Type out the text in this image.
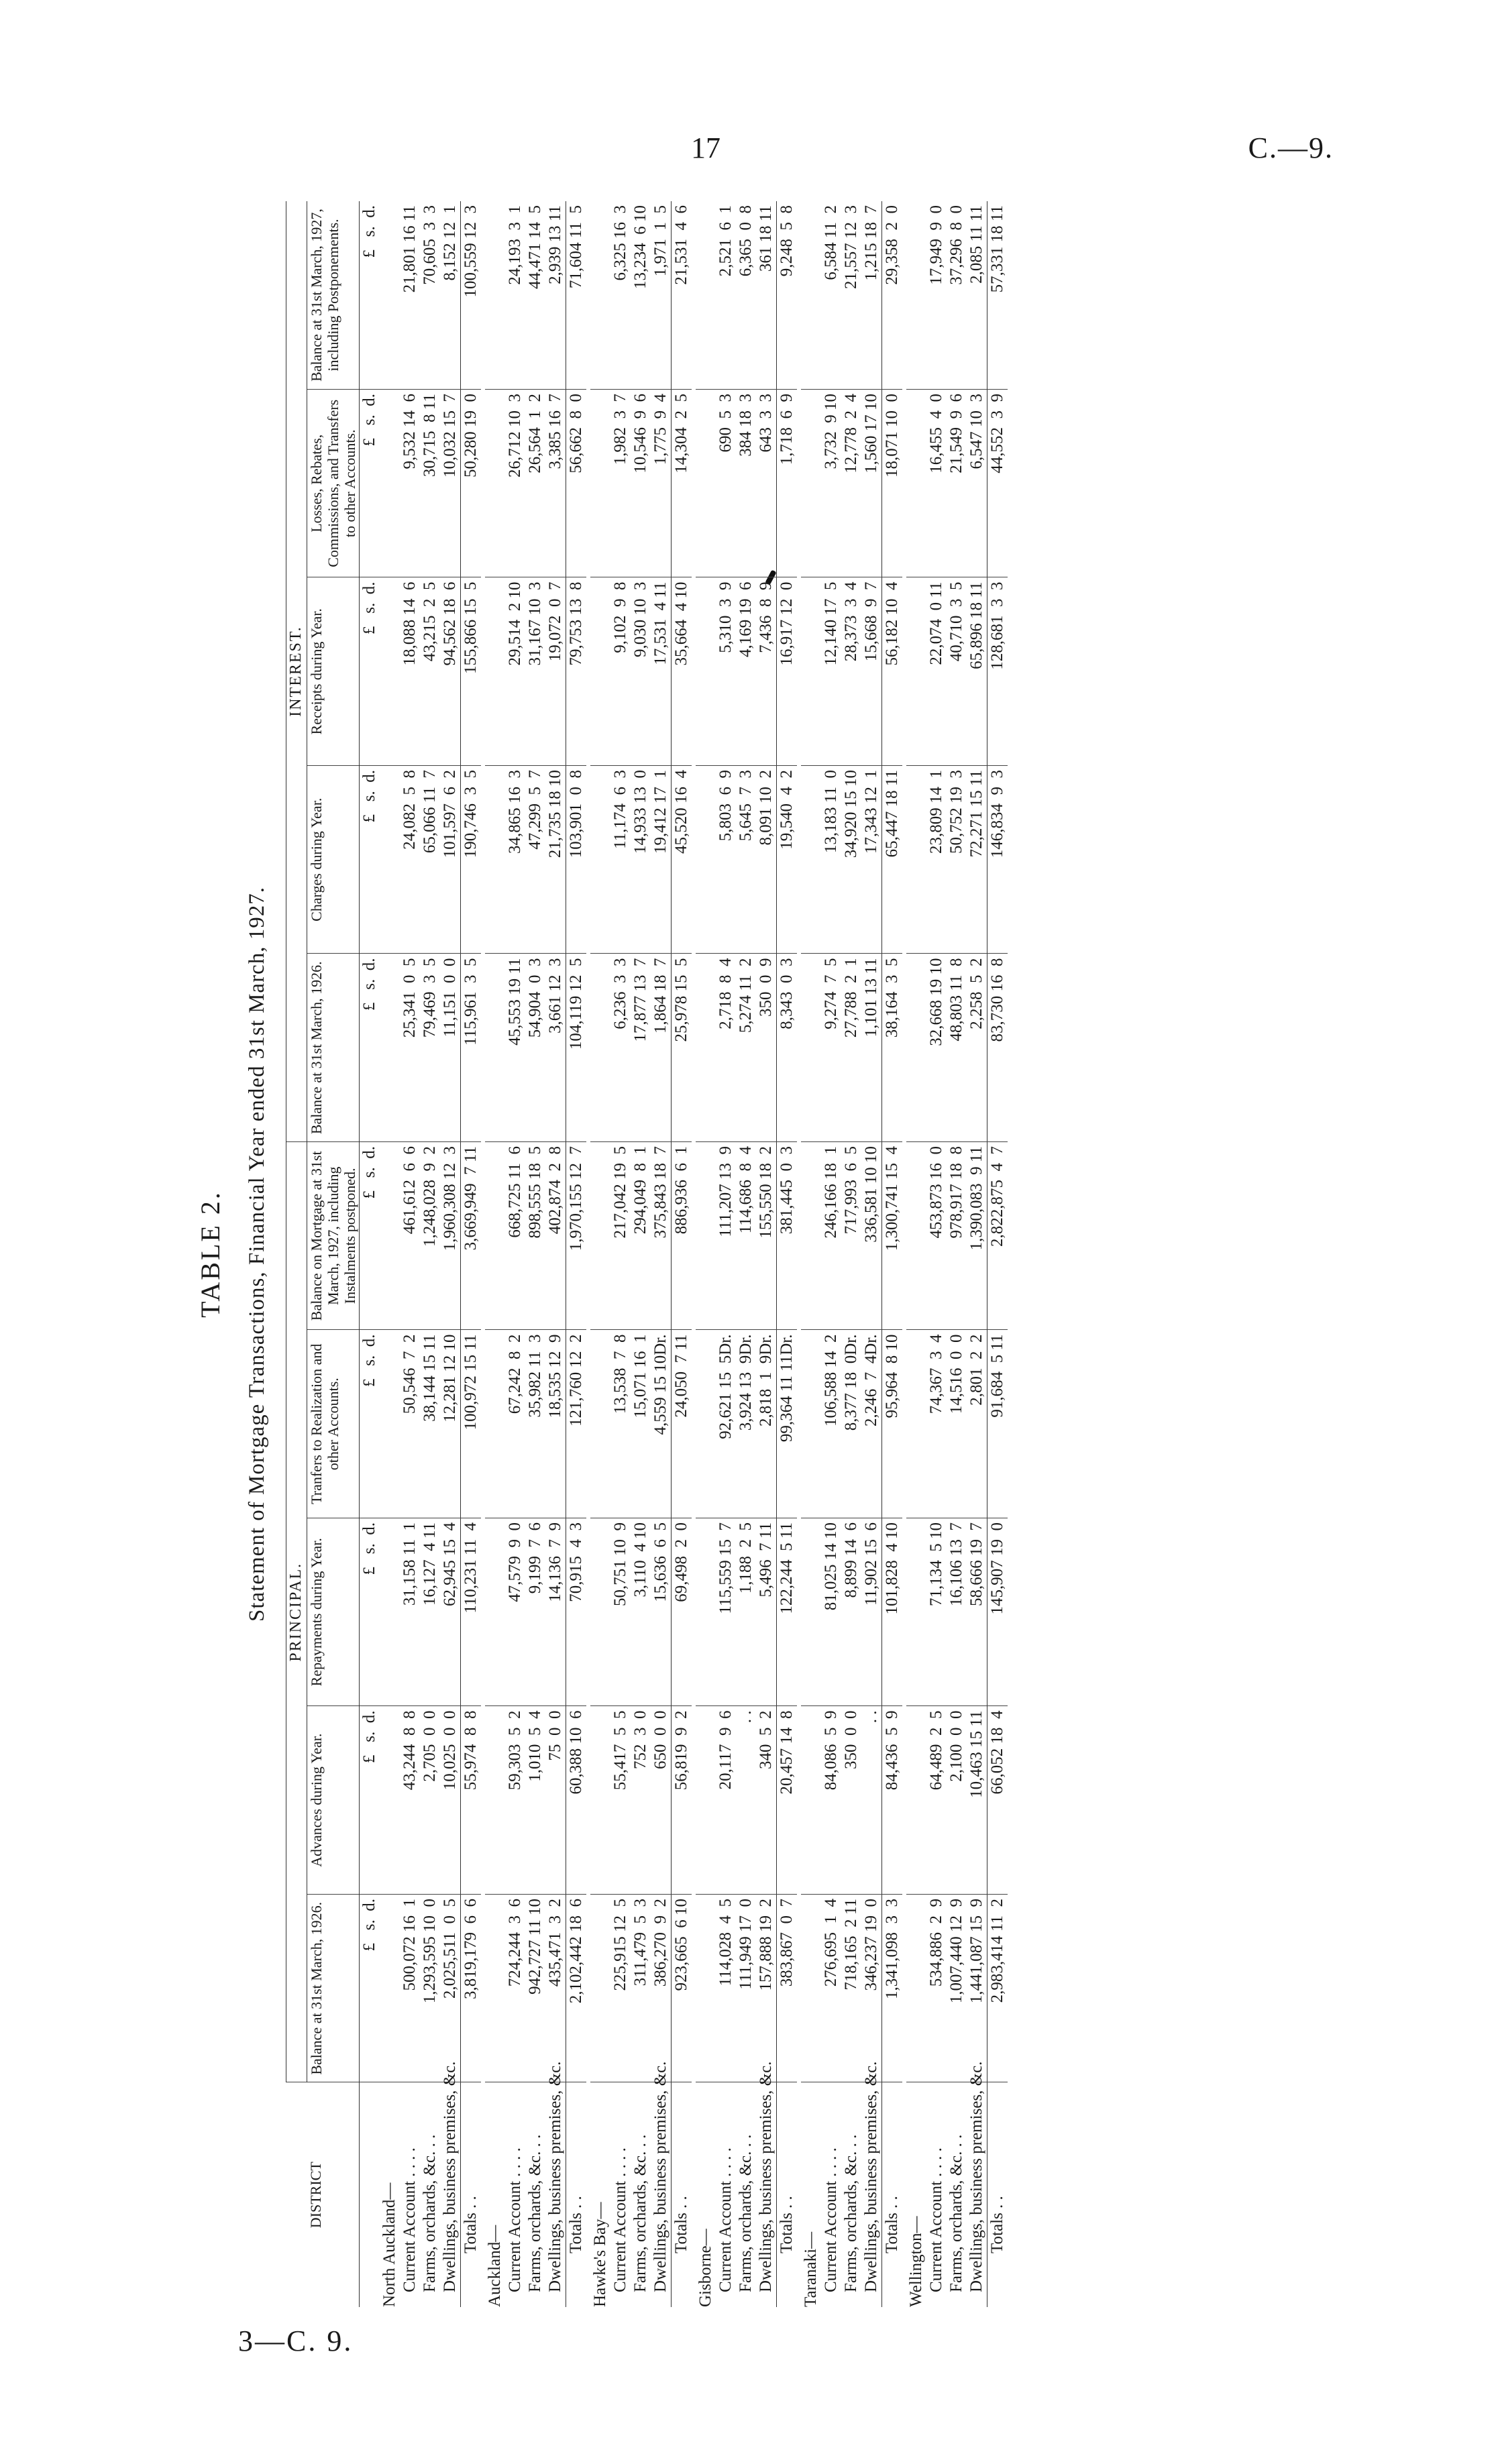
17	C.—9.
TABLE 2. Statement of Mortgage Transactions, Financial Year ended 31st March, 1927.
	PRINCIPAL.					INTEREST.				
DISTRICT	Balance at 31st March, 1926.	Advances during Year.	Repayments during Year.	Tranfers to Realization and other Accounts.	Balance on Mortgage at 31st March, 1927, including Instalments postponed.	Balance at 31st March, 1926.	Charges during Year.	Receipts during Year.	Losses, Rebates, Commissions, and Transfers to other Accounts.	Balance at 31st March, 1927, including Postponements.
	£   s.  d.	£   s.  d.	£   s.  d.	£   s.  d.	£   s.  d.	£   s.  d.	£   s.  d.	£   s.  d.	£   s.  d.	£   s.  d.
North Auckland—										
Current Account . . . .	500,072 16  1	43,244  8  8	31,158 11  1	50,546  7  2	461,612  6  6	25,341  0  5	24,082  5  8	18,088 14  6	9,532 14  6	21,801 16 11
Farms, orchards, &c. . .	1,293,595 10  0	2,705  0  0	16,127  4 11	38,144 15 11	1,248,028  9  2	79,469  3  5	65,066 11  7	43,215  2  5	30,715  8 11	70,605  3  3
Dwellings, business premises, &c.	2,025,511  0  5	10,025  0  0	62,945 15  4	12,281 12 10	1,960,308 12  3	11,151  0  0	101,597  6  2	94,562 18  6	10,032 15  7	8,152 12  1
Totals . .	3,819,179  6  6	55,974  8  8	110,231 11  4	100,972 15 11	3,669,949  7 11	115,961  3  5	190,746  3  5	155,866 15  5	50,280 19  0	100,559 12  3

Auckland—										
Current Account . . . .	724,244  3  6	59,303  5  2	47,579  9  0	67,242  8  2	668,725 11  6	45,553 19 11	34,865 16  3	29,514  2 10	26,712 10  3	24,193  3  1
Farms, orchards, &c. . .	942,727 11 10	1,010  5  4	9,199  7  6	35,982 11  3	898,555 18  5	54,904  0  3	47,299  5  7	31,167 10  3	26,564  1  2	44,471 14  5
Dwellings, business premises, &c.	435,471  3  2	75  0  0	14,136  7  9	18,535 12  9	402,874  2  8	3,661 12  3	21,735 18 10	19,072  0  7	3,385 16  7	2,939 13 11
Totals . .	2,102,442 18  6	60,388 10  6	70,915  4  3	121,760 12  2	1,970,155 12  7	104,119 12  5	103,901  0  8	79,753 13  8	56,662  8  0	71,604 11  5

Hawke's Bay—										
Current Account . . . .	225,915 12  5	55,417  5  5	50,751 10  9	13,538  7  8	217,042 19  5	6,236  3  3	11,174  6  3	9,102  9  8	1,982  3  7	6,325 16  3
Farms, orchards, &c. . .	311,479  5  3	752  3  0	3,110  4 10	15,071 16  1	294,049  8  1	17,877 13  7	14,933 13  0	9,030 10  3	10,546  9  6	13,234  6 10
Dwellings, business premises, &c.	386,270  9  2	650  0  0	15,636  6  5	4,559 15 10Dr.	375,843 18  7	1,864 18  7	19,412 17  1	17,531  4 11	1,775  9  4	1,971  1  5
Totals . .	923,665  6 10	56,819  9  2	69,498  2  0	24,050  7 11	886,936  6  1	25,978 15  5	45,520 16  4	35,664  4 10	14,304  2  5	21,531  4  6

Gisborne—										
Current Account . . . .	114,028  4  5	20,117  9  6	115,559 15  7	92,621 15  5Dr.	111,207 13  9	2,718  8  4	5,803  6  9	5,310  3  9	690  5  3	2,521  6  1
Farms, orchards, &c. . .	111,949 17  0	. .	1,188  2  5	3,924 13  9Dr.	114,686  8  4	5,274 11  2	5,645  7  3	4,169 19  6	384 18  3	6,365  0  8
Dwellings, business premises, &c.	157,888 19  2	340  5  2	5,496  7 11	2,818  1  9Dr.	155,550 18  2	350  0  9	8,091 10  2	7,436  8  9	643  3  3	361 18 11
Totals . .	383,867  0  7	20,457 14  8	122,244  5 11	99,364 11 11Dr.	381,445  0  3	8,343  0  3	19,540  4  2	16,917 12  0	1,718  6  9	9,248  5  8

Taranaki—										
Current Account . . . .	276,695  1  4	84,086  5  9	81,025 14 10	106,588 14  2	246,166 18  1	9,274  7  5	13,183 11  0	12,140 17  5	3,732  9 10	6,584 11  2
Farms, orchards, &c. . .	718,165  2 11	350  0  0	8,899 14  6	8,377 18  0Dr.	717,993  6  5	27,788  2  1	34,920 15 10	28,373  3  4	12,778  2  4	21,557 12  3
Dwellings, business premises, &c.	346,237 19  0	. .	11,902 15  6	2,246  7  4Dr.	336,581 10 10	1,101 13 11	17,343 12  1	15,668  9  7	1,560 17 10	1,215 18  7
Totals . .	1,341,098  3  3	84,436  5  9	101,828  4 10	95,964  8 10	1,300,741 15  4	38,164  3  5	65,447 18 11	56,182 10  4	18,071 10  0	29,358  2  0

Wellington—										
Current Account . . . .	534,886  2  9	64,489  2  5	71,134  5 10	74,367  3  4	453,873 16  0	32,668 19 10	23,809 14  1	22,074  0 11	16,455  4  0	17,949  9  0
Farms, orchards, &c. . .	1,007,440 12  9	2,100  0  0	16,106 13  7	14,516  0  0	978,917 18  8	48,803 11  8	50,752 19  3	40,710  3  5	21,549  9  6	37,296  8  0
Dwellings, business premises, &c.	1,441,087 15  9	10,463 15 11	58,666 19  7	2,801  2  2	1,390,083  9 11	2,258  5  2	72,271 15 11	65,896 18 11	6,547 10  3	2,085 11 11
Totals . .	2,983,414 11  2	66,052 18  4	145,907 19  0	91,684  5 11	2,822,875  4  7	83,730 16  8	146,834  9  3	128,681  3  3	44,552  3  9	57,331 18 11

3—C. 9.
